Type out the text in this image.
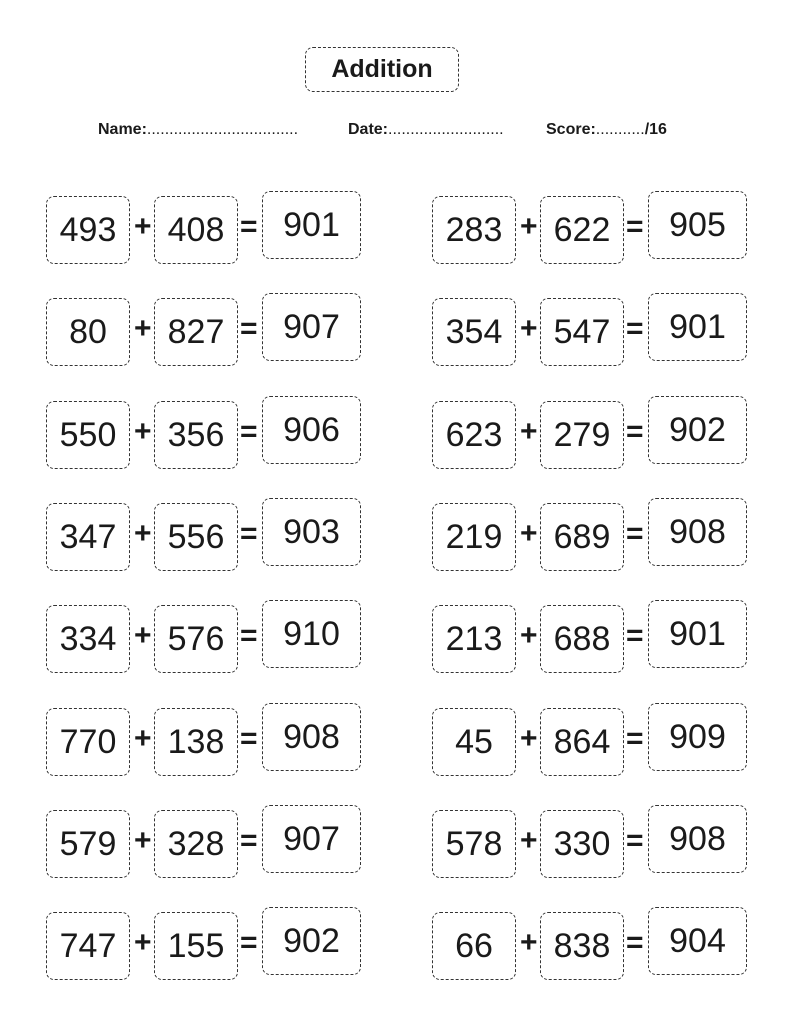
Addition
Name:..................................	Date:..........................	Score:.........../16
493 + 408 = 901	283 + 622 = 905
80 + 827 = 907	354 + 547 = 901
550 + 356 = 906	623 + 279 = 902
347 + 556 = 903	219 + 689 = 908
334 + 576 = 910	213 + 688 = 901
770 + 138 = 908	45 + 864 = 909
579 + 328 = 907	578 + 330 = 908
747 + 155 = 902	66 + 838 = 904
